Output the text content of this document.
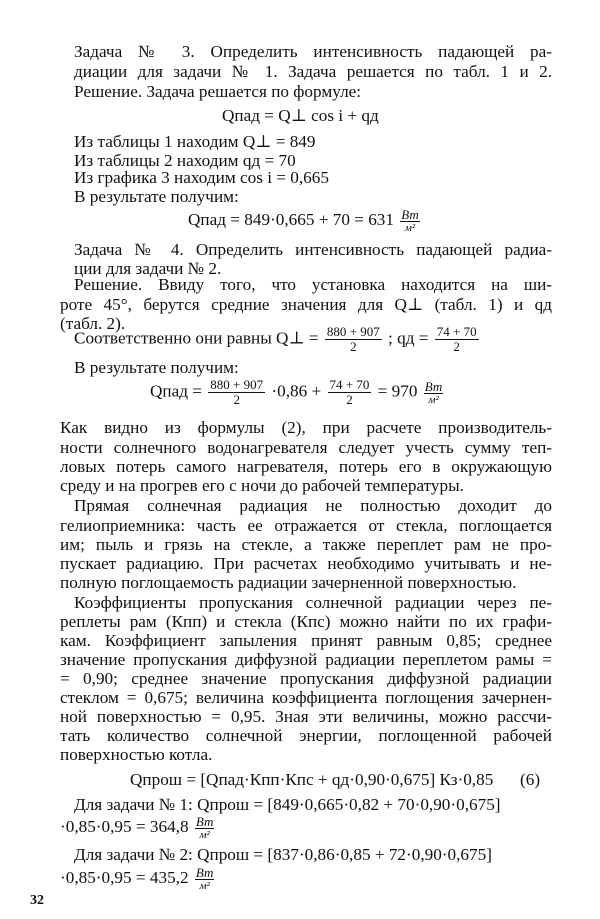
Задача № 3. Определить интенсивность падающей ра-
диации для задачи № 1. Задача решается по табл. 1 и 2.
Решение. Задача решается по формуле:
Qпад = Q⊥ cos i + qд
Из таблицы 1 находим Q⊥ = 849
Из таблицы 2 находим qд = 70
Из графика 3 находим cos i = 0,665
В результате получим:
Qпад = $849\cdot 0,665 + 70 = 631 \frac{Вт}{\text{м²}}$
Задача № 4. Определить интенсивность падающей радиа-
ции для задачи № 2.
Решение. Ввиду того, что установка находится на ши-
роте 45°, берутся средние значения для Q⊥ (табл. 1) и qд
(табл. 2).
Соответственно они равны Q⊥ = $\frac{880 + 907}{2}$ ; qд = $\frac{74 + 70}{2}$
В результате получим:
Qпад = $\frac{880 + 907}{2} \cdot 0,86 + \frac{74 + 70}{2} = 970 \frac{Вт}{\text{м²}}$
Как видно из формулы (2), при расчете производитель-
ности солнечного водонагревателя следует учесть сумму теп-
ловых потерь самого нагревателя, потерь его в окружающую
среду и на прогрев его с ночи до рабочей температуры.
Прямая солнечная радиация не полностью доходит до
гелиоприемника: часть ее отражается от стекла, поглощается
им; пыль и грязь на стекле, а также переплет рам не про-
пускает радиацию. При расчетах необходимо учитывать и не-
полную поглощаемость радиации зачерненной поверхностью.
Коэффициенты пропускания солнечной радиации через пе-
реплеты рам (Кпп) и стекла (Кпс) можно найти по их графи-
кам. Коэффициент запыления принят равным 0,85; среднее
значение пропускания диффузной радиации переплетом рамы =
= 0,90; среднее значение пропускания диффузной радиации
стеклом = 0,675; величина коэффициента поглощения зачернен-
ной поверхностью = 0,95. Зная эти величины, можно рассчи-
тать количество солнечной энергии, поглощенной рабочей
поверхностью котла.
Qпрош = [Qпад·Кпп·Кпс + qд·0,90·0,675] Кз·0,85 (6)
Для задачи № 1: Qпрош = [849·0,665·0,82 + 70·0,90·0,675]
$\cdot 0,85\cdot 0,95 = 364,8 \frac{Вт}{\text{м²}}$
Для задачи № 2: Qпрош = [837·0,86·0,85 + 72·0,90·0,675]
$\cdot 0,85\cdot 0,95 = 435,2 \frac{Вт}{\text{м²}}$
32
